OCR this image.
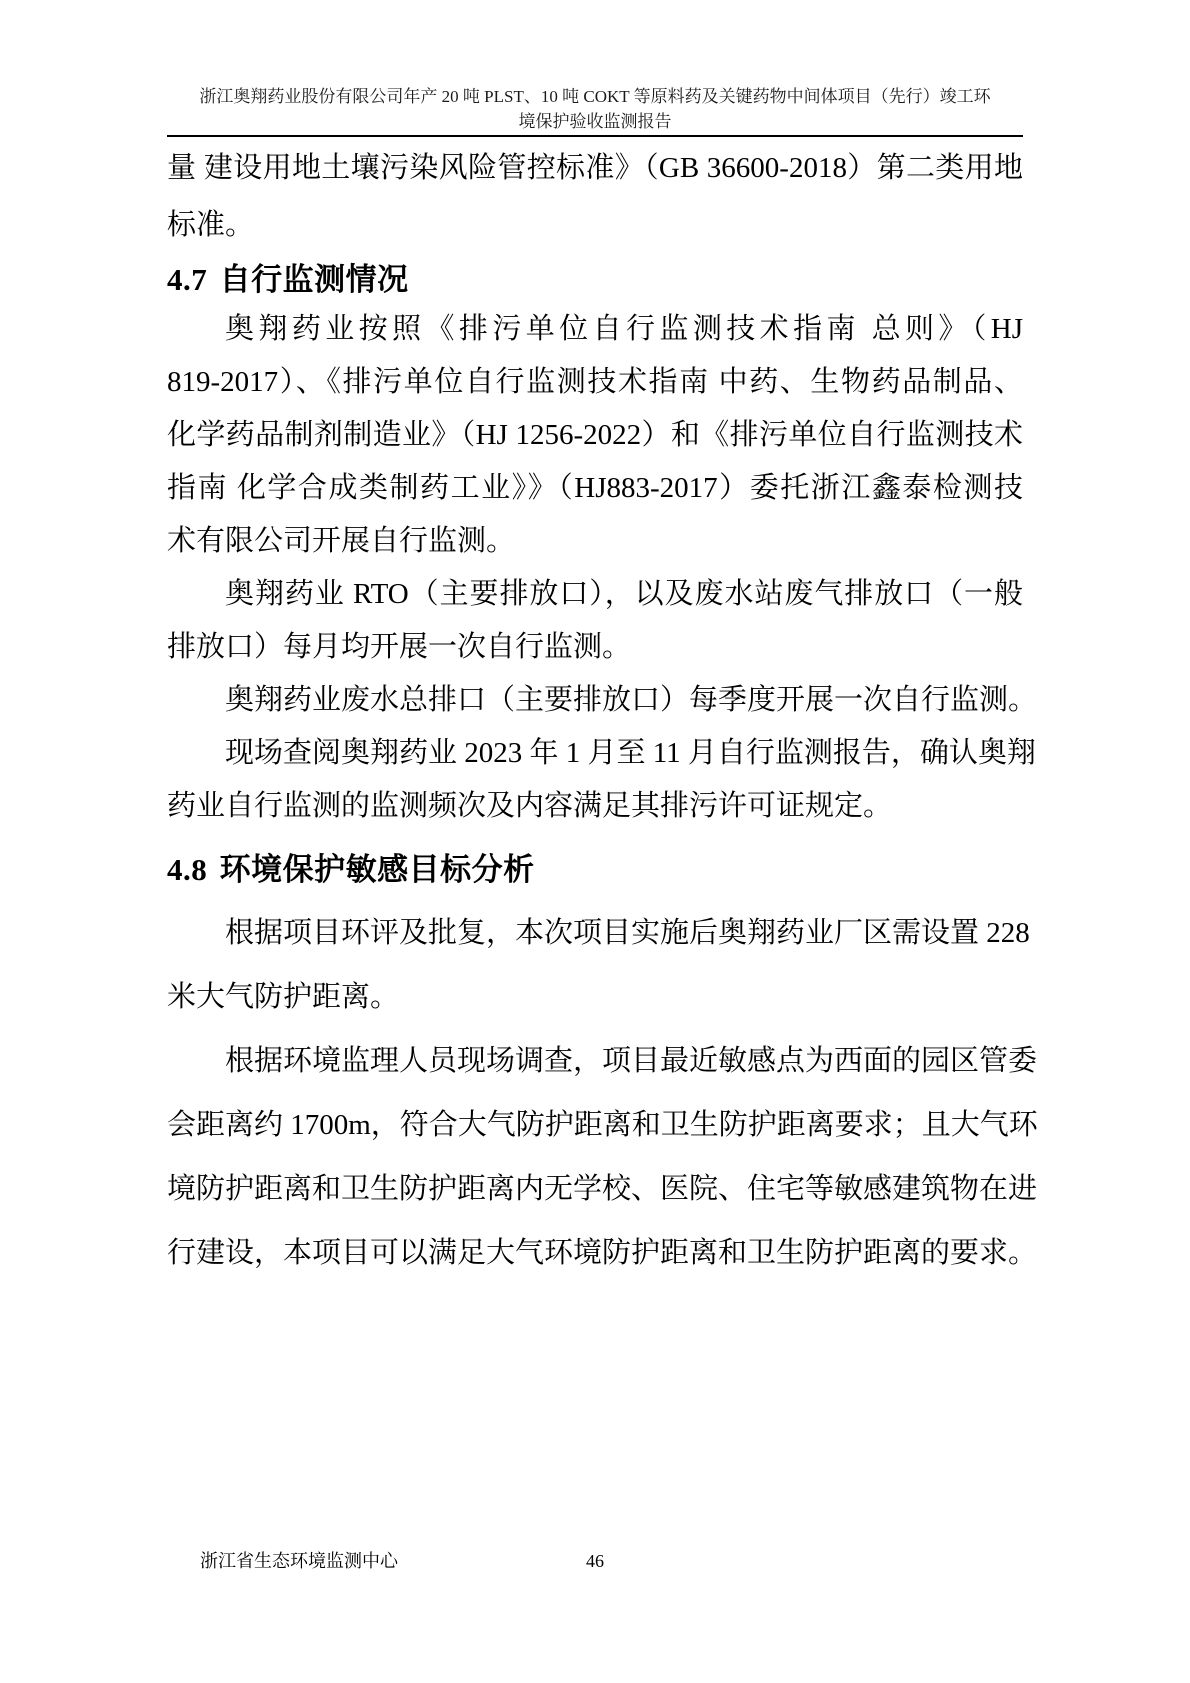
浙江奥翔药业股份有限公司年产 20 吨 PLST、10 吨 COKT 等原料药及关键药物中间体项目（先行）竣工环
境保护验收监测报告
量 建设用地土壤污染风险管控标准》（GB 36600-2018）第二类用地
标准。
4.7 自行监测情况
奥翔药业按照《排污单位自行监测技术指南 总则》（HJ
819-2017）、《排污单位自行监测技术指南 中药、生物药品制品、
化学药品制剂制造业》（HJ 1256-2022）和《排污单位自行监测技术
指南 化学合成类制药工业》》（HJ883-2017）委托浙江鑫泰检测技
术有限公司开展自行监测。
奥翔药业 RTO（主要排放口），以及废水站废气排放口（一般
排放口）每月均开展一次自行监测。
奥翔药业废水总排口（主要排放口）每季度开展一次自行监测。
现场查阅奥翔药业 2023 年 1 月至 11 月自行监测报告，确认奥翔
药业自行监测的监测频次及内容满足其排污许可证规定。
4.8 环境保护敏感目标分析
根据项目环评及批复，本次项目实施后奥翔药业厂区需设置 228
米大气防护距离。
根据环境监理人员现场调查，项目最近敏感点为西面的园区管委
会距离约 1700m，符合大气防护距离和卫生防护距离要求；且大气环
境防护距离和卫生防护距离内无学校、医院、住宅等敏感建筑物在进
行建设，本项目可以满足大气环境防护距离和卫生防护距离的要求。
浙江省生态环境监测中心	46
